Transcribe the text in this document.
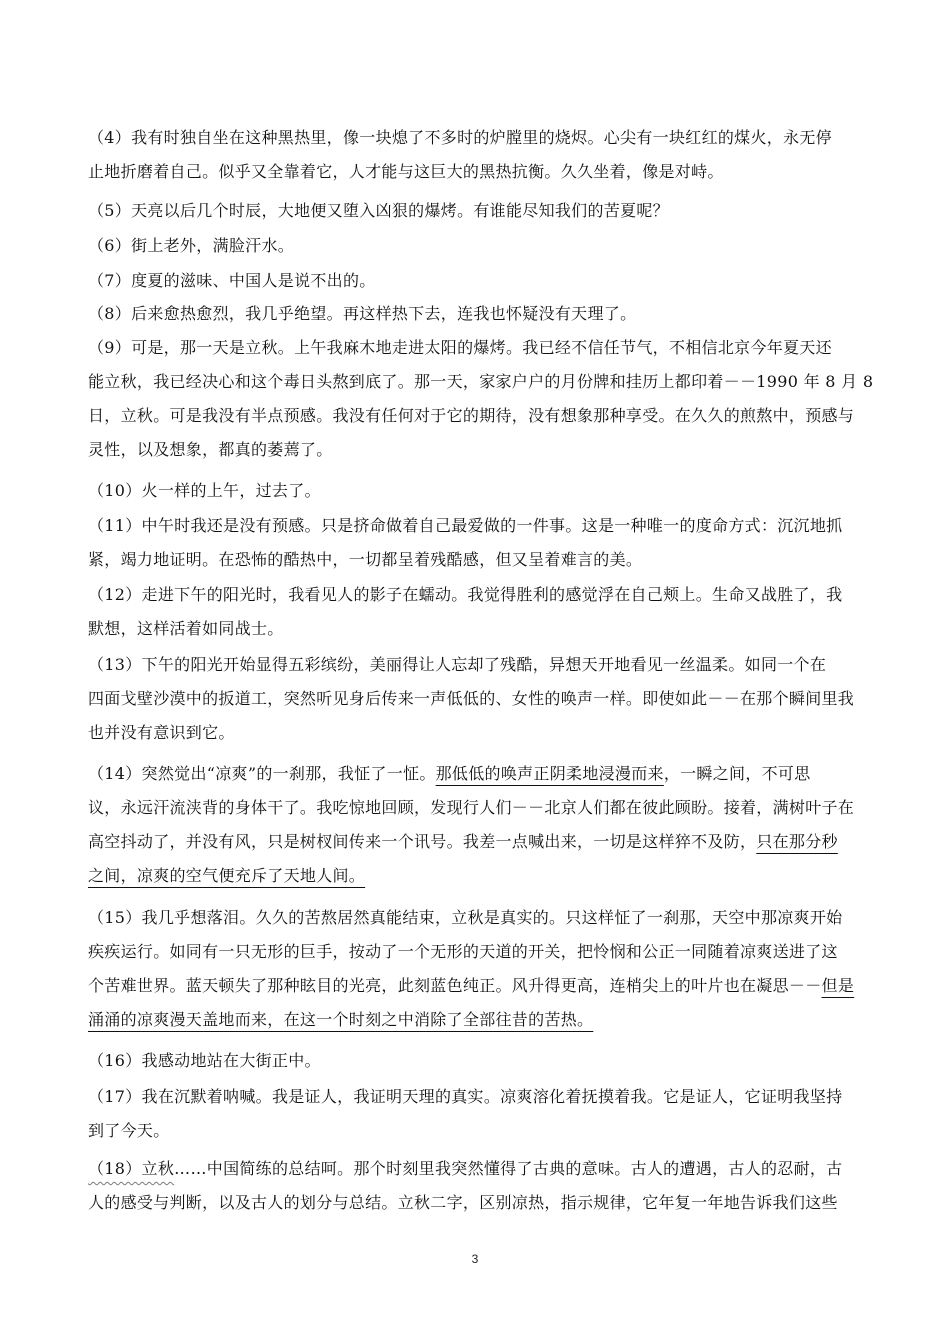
（4）我有时独自坐在这种黑热里，像一块熄了不多时的炉膛里的烧烬。心尖有一块红红的煤火，永无停
止地折磨着自己。似乎又全靠着它，人才能与这巨大的黑热抗衡。久久坐着，像是对峙。
（5）天亮以后几个时辰，大地便又堕入凶狠的爆烤。有谁能尽知我们的苦夏呢？
（6）街上老外，满脸汗水。
（7）度夏的滋味、中国人是说不出的。
（8）后来愈热愈烈，我几乎绝望。再这样热下去，连我也怀疑没有天理了。
（9）可是，那一天是立秋。上午我麻木地走进太阳的爆烤。我已经不信任节气，不相信北京今年夏天还
能立秋，我已经决心和这个毒日头熬到底了。那一天，家家户户的月份牌和挂历上都印着－－1990 年 8 月 8
日，立秋。可是我没有半点预感。我没有任何对于它的期待，没有想象那种享受。在久久的煎熬中，预感与
灵性，以及想象，都真的萎蔫了。
（10）火一样的上午，过去了。
（11）中午时我还是没有预感。只是挤命做着自己最爱做的一件事。这是一种唯一的度命方式：沉沉地抓
紧，竭力地证明。在恐怖的酷热中，一切都呈着残酷感，但又呈着难言的美。
（12）走进下午的阳光时，我看见人的影子在蠕动。我觉得胜利的感觉浮在自己颊上。生命又战胜了，我
默想，这样活着如同战士。
（13）下午的阳光开始显得五彩缤纷，美丽得让人忘却了残酷，异想天开地看见一丝温柔。如同一个在
四面戈壁沙漠中的扳道工，突然听见身后传来一声低低的、女性的唤声一样。即使如此－－在那个瞬间里我
也并没有意识到它。
（14）突然觉出“凉爽”的一刹那，我怔了一怔。那低低的唤声正阴柔地浸漫而来，一瞬之间，不可思
议，永远汗流浃背的身体干了。我吃惊地回顾，发现行人们－－北京人们都在彼此顾盼。接着，满树叶子在
高空抖动了，并没有风，只是树杈间传来一个讯号。我差一点喊出来，一切是这样猝不及防，只在那分秒
之间，凉爽的空气便充斥了天地人间。
（15）我几乎想落泪。久久的苦熬居然真能结束，立秋是真实的。只这样怔了一刹那，天空中那凉爽开始
疾疾运行。如同有一只无形的巨手，按动了一个无形的天道的开关，把怜悯和公正一同随着凉爽送进了这
个苦难世界。蓝天顿失了那种眩目的光亮，此刻蓝色纯正。风升得更高，连梢尖上的叶片也在凝思－－但是
涌涌的凉爽漫天盖地而来，在这一个时刻之中消除了全部往昔的苦热。
（16）我感动地站在大街正中。
（17）我在沉默着呐喊。我是证人，我证明天理的真实。凉爽溶化着抚摸着我。它是证人，它证明我坚持
到了今天。
（18）立秋……中国简练的总结呵。那个时刻里我突然懂得了古典的意味。古人的遭遇，古人的忍耐，古
人的感受与判断，以及古人的划分与总结。立秋二字，区别凉热，指示规律，它年复一年地告诉我们这些
3
